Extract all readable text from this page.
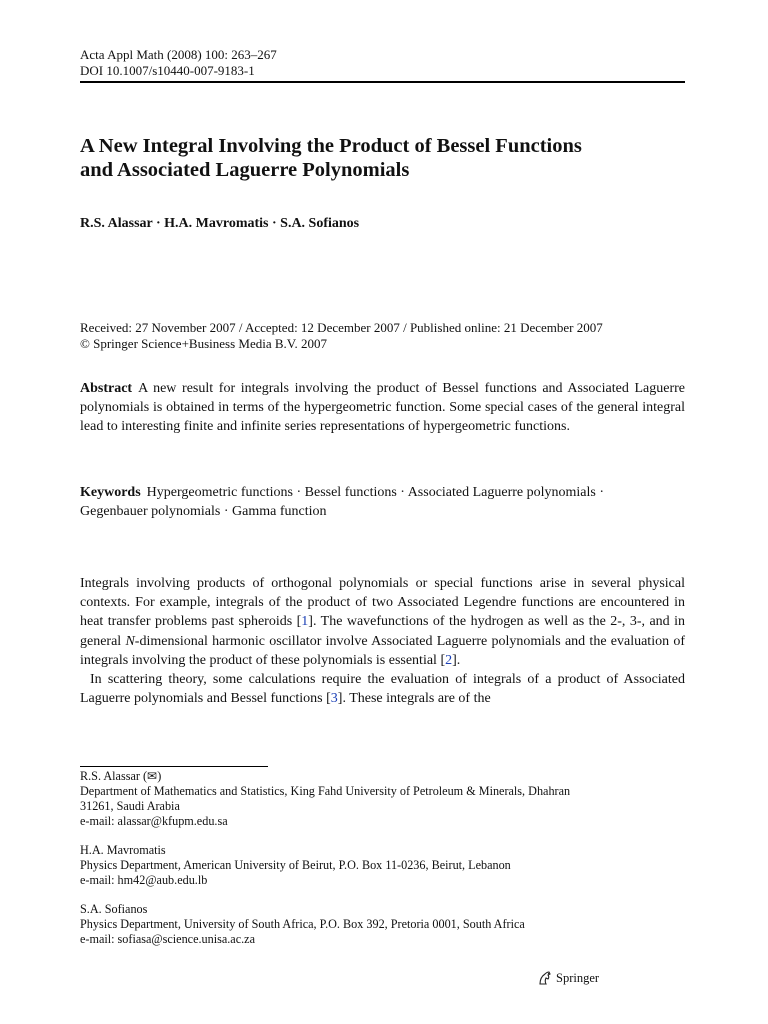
Acta Appl Math (2008) 100: 263–267
DOI 10.1007/s10440-007-9183-1
A New Integral Involving the Product of Bessel Functions
and Associated Laguerre Polynomials
R.S. Alassar · H.A. Mavromatis · S.A. Sofianos
Received: 27 November 2007 / Accepted: 12 December 2007 / Published online: 21 December 2007
© Springer Science+Business Media B.V. 2007

Abstract A new result for integrals involving the product of Bessel functions and Associated Laguerre polynomials is obtained in terms of the hypergeometric function. Some special cases of the general integral lead to interesting finite and infinite series representations of hypergeometric functions.

Keywords Hypergeometric functions · Bessel functions · Associated Laguerre polynomials · Gegenbauer polynomials · Gamma function

Integrals involving products of orthogonal polynomials or special functions arise in several physical contexts. For example, integrals of the product of two Associated Legendre functions are encountered in heat transfer problems past spheroids [1]. The wavefunctions of the hydrogen as well as the 2-, 3-, and in general N-dimensional harmonic oscillator involve Associated Laguerre polynomials and the evaluation of integrals involving the product of these polynomials is essential [2].

In scattering theory, some calculations require the evaluation of integrals of a product of Associated Laguerre polynomials and Bessel functions [3]. These integrals are of the

R.S. Alassar (✉)
Department of Mathematics and Statistics, King Fahd University of Petroleum & Minerals, Dhahran
31261, Saudi Arabia
e-mail: alassar@kfupm.edu.sa
H.A. Mavromatis
Physics Department, American University of Beirut, P.O. Box 11-0236, Beirut, Lebanon
e-mail: hm42@aub.edu.lb
S.A. Sofianos
Physics Department, University of South Africa, P.O. Box 392, Pretoria 0001, South Africa
e-mail: sofiasa@science.unisa.ac.za
Springer
